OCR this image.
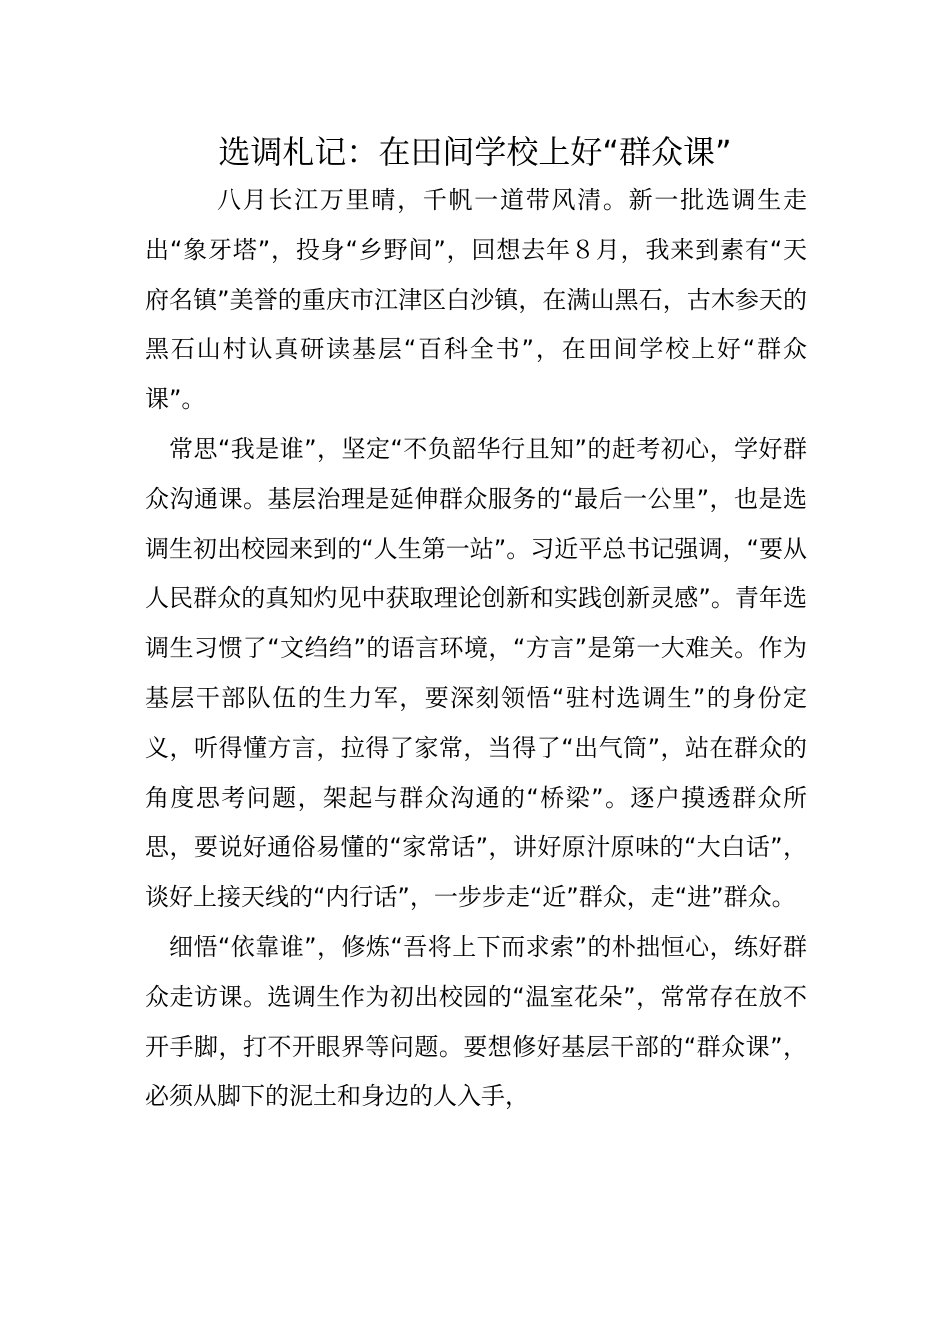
选调札记：在田间学校上好“群众课”

八月长江万里晴，千帆一道带风清。新一批选调生走出“象牙塔”，投身“乡野间”，回想去年８月，我来到素有“天府名镇”美誉的重庆市江津区白沙镇，在满山黑石，古木参天的黑石山村认真研读基层“百科全书”，在田间学校上好“群众课”。

常思“我是谁”，坚定“不负韶华行且知”的赶考初心，学好群众沟通课。基层治理是延伸群众服务的“最后一公里”，也是选调生初出校园来到的“人生第一站”。习近平总书记强调，“要从人民群众的真知灼见中获取理论创新和实践创新灵感”。青年选调生习惯了“文绉绉”的语言环境，“方言”是第一大难关。作为基层干部队伍的生力军，要深刻领悟“驻村选调生”的身份定义，听得懂方言，拉得了家常，当得了“出气筒”，站在群众的角度思考问题，架起与群众沟通的“桥梁”。逐户摸透群众所思，要说好通俗易懂的“家常话”，讲好原汁原味的“大白话”，谈好上接天线的“内行话”，一步步走“近”群众，走“进”群众。

细悟“依靠谁”，修炼“吾将上下而求索”的朴拙恒心，练好群众走访课。选调生作为初出校园的“温室花朵”，常常存在放不开手脚，打不开眼界等问题。要想修好基层干部的“群众课”，必须从脚下的泥土和身边的人入手，
